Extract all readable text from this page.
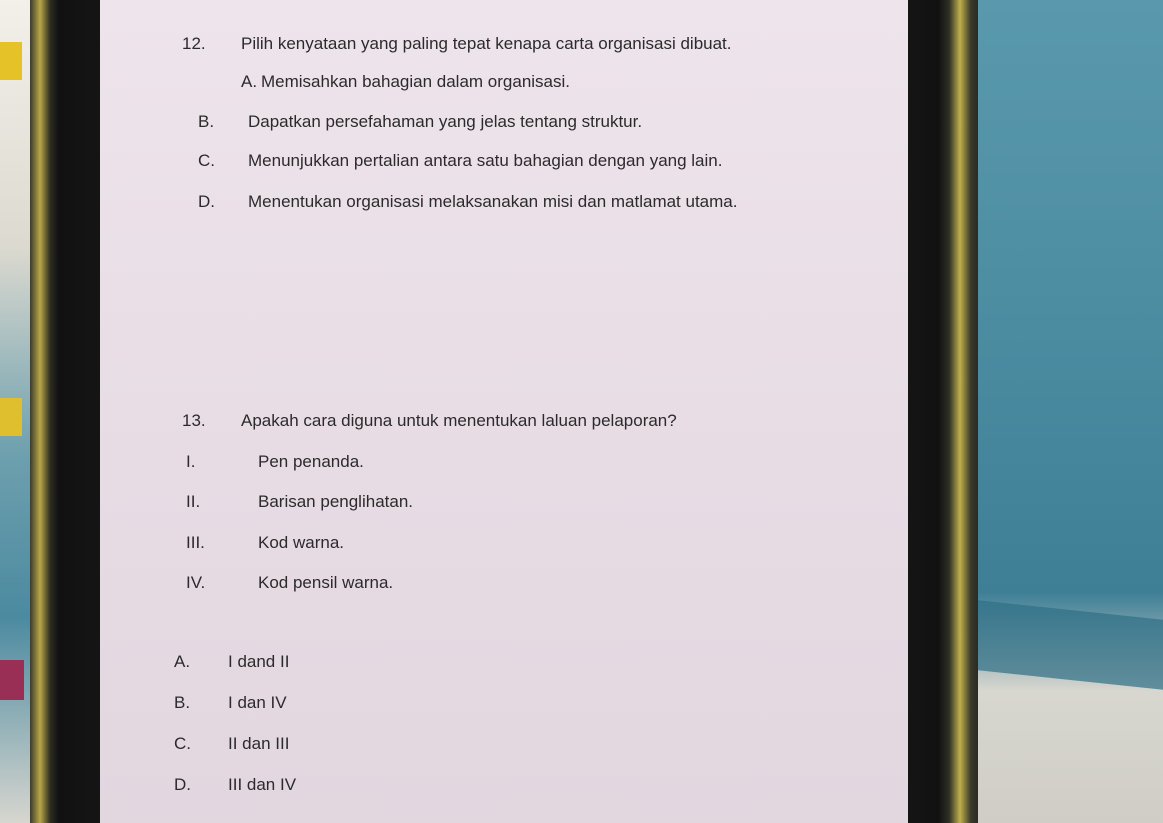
12. Pilih kenyataan yang paling tepat kenapa carta organisasi dibuat.
A. Memisahkan bahagian dalam organisasi.
B. Dapatkan persefahaman yang jelas tentang struktur.
C. Menunjukkan pertalian antara satu bahagian dengan yang lain.
D. Menentukan organisasi melaksanakan misi dan matlamat utama.
13. Apakah cara diguna untuk menentukan laluan pelaporan?
I.	Pen penanda.
II.	Barisan penglihatan.
III.	Kod warna.
IV.	Kod pensil warna.
A. I dand II
B. I dan IV
C. II dan III
D. III dan IV
